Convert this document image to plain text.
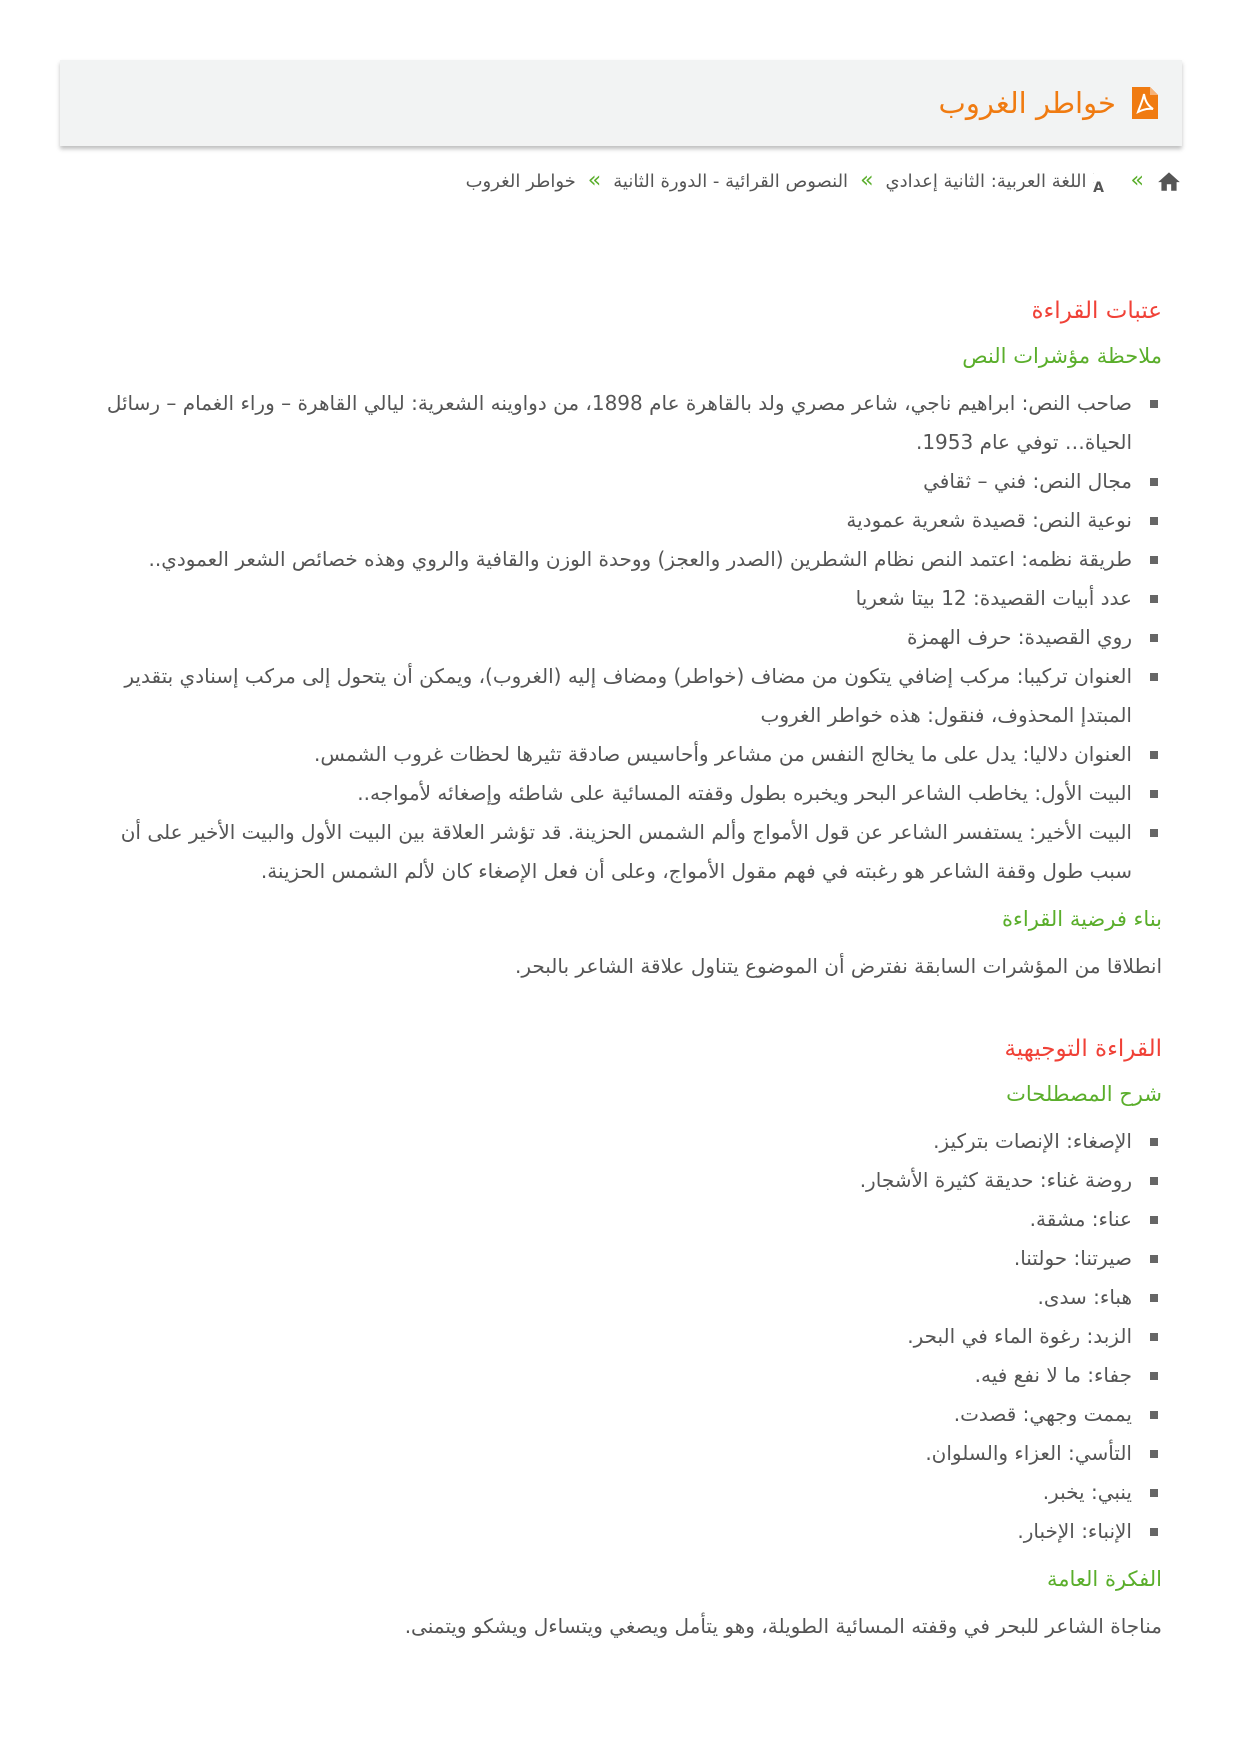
خواطر الغروب
»
A
اللغة العربية: الثانية إعدادي
»
النصوص القرائية - الدورة الثانية
»
خواطر الغروب
عتبات القراءة
ملاحظة مؤشرات النص
صاحب النص: ابراهيم ناجي، شاعر مصري ولد بالقاهرة عام 1898، من دواوينه الشعرية: ليالي القاهرة – وراء الغمام – رسائل الحياة… توفي عام 1953.
مجال النص: فني – ثقافي
نوعية النص: قصيدة شعرية عمودية
طريقة نظمه: اعتمد النص نظام الشطرين (الصدر والعجز) ووحدة الوزن والقافية والروي وهذه خصائص الشعر العمودي..
عدد أبيات القصيدة: 12 بيتا شعريا
روي القصيدة: حرف الهمزة
العنوان تركيبا: مركب إضافي يتكون من مضاف (خواطر) ومضاف إليه (الغروب)، ويمكن أن يتحول إلى مركب إسنادي بتقدير المبتدإ المحذوف، فنقول: هذه خواطر الغروب
العنوان دلاليا: يدل على ما يخالج النفس من مشاعر وأحاسيس صادقة تثيرها لحظات غروب الشمس.
البيت الأول: يخاطب الشاعر البحر ويخبره بطول وقفته المسائية على شاطئه وإصغائه لأمواجه..
البيت الأخير: يستفسر الشاعر عن قول الأمواج وألم الشمس الحزينة. قد تؤشر العلاقة بين البيت الأول والبيت الأخير على أن سبب طول وقفة الشاعر هو رغبته في فهم مقول الأمواج، وعلى أن فعل الإصغاء كان لألم الشمس الحزينة.
بناء فرضية القراءة

انطلاقا من المؤشرات السابقة نفترض أن الموضوع يتناول علاقة الشاعر بالبحر.

القراءة التوجيهية
شرح المصطلحات
الإصغاء: الإنصات بتركيز.
روضة غناء: حديقة كثيرة الأشجار.
عناء: مشقة.
صيرتنا: حولتنا.
هباء: سدى.
الزبد: رغوة الماء في البحر.
جفاء: ما لا نفع فيه.
يممت وجهي: قصدت.
التأسي: العزاء والسلوان.
ينبي: يخبر.
الإنباء: الإخبار.
الفكرة العامة

مناجاة الشاعر للبحر في وقفته المسائية الطويلة، وهو يتأمل ويصغي ويتساءل ويشكو ويتمنى.
